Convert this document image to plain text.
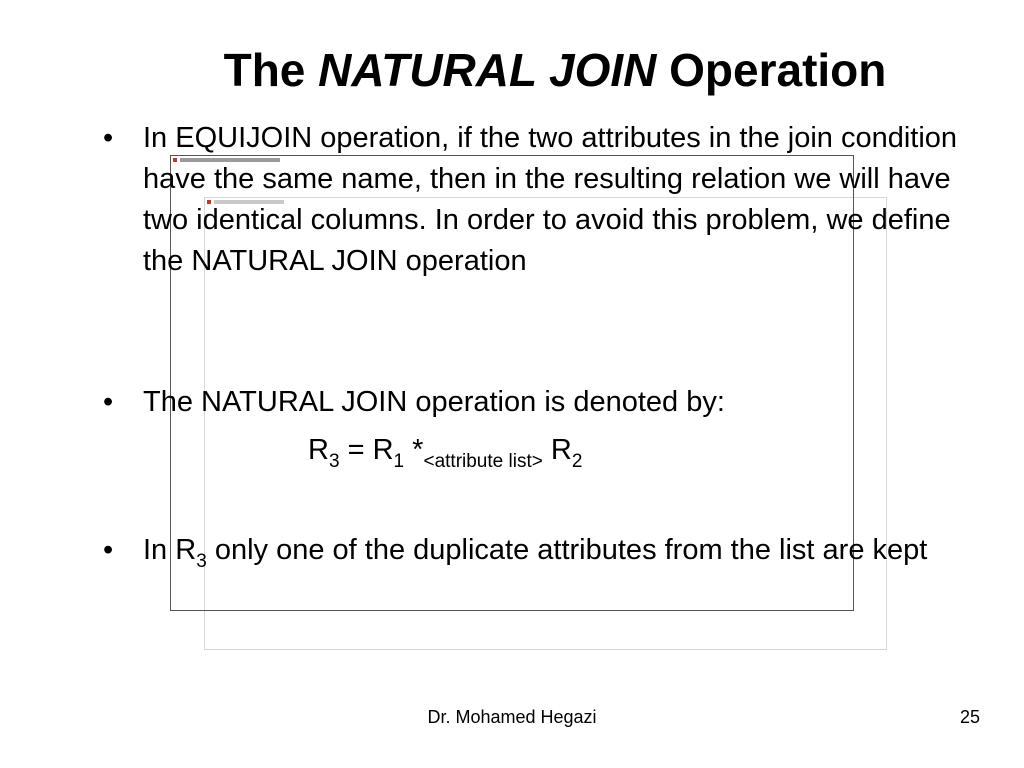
The NATURAL JOIN Operation
• In EQUIJOIN operation, if the two attributes in the join condition have the same name, then in the resulting relation we will have two identical columns. In order to avoid this problem, we define the NATURAL JOIN operation
• The NATURAL JOIN operation is denoted by:
$R_3 = R_1$ $*_{<attribute list>}$ $R_2$
• In $R_3$ only one of the duplicate attributes from the list are kept
Dr. Mohamed Hegazi	25
